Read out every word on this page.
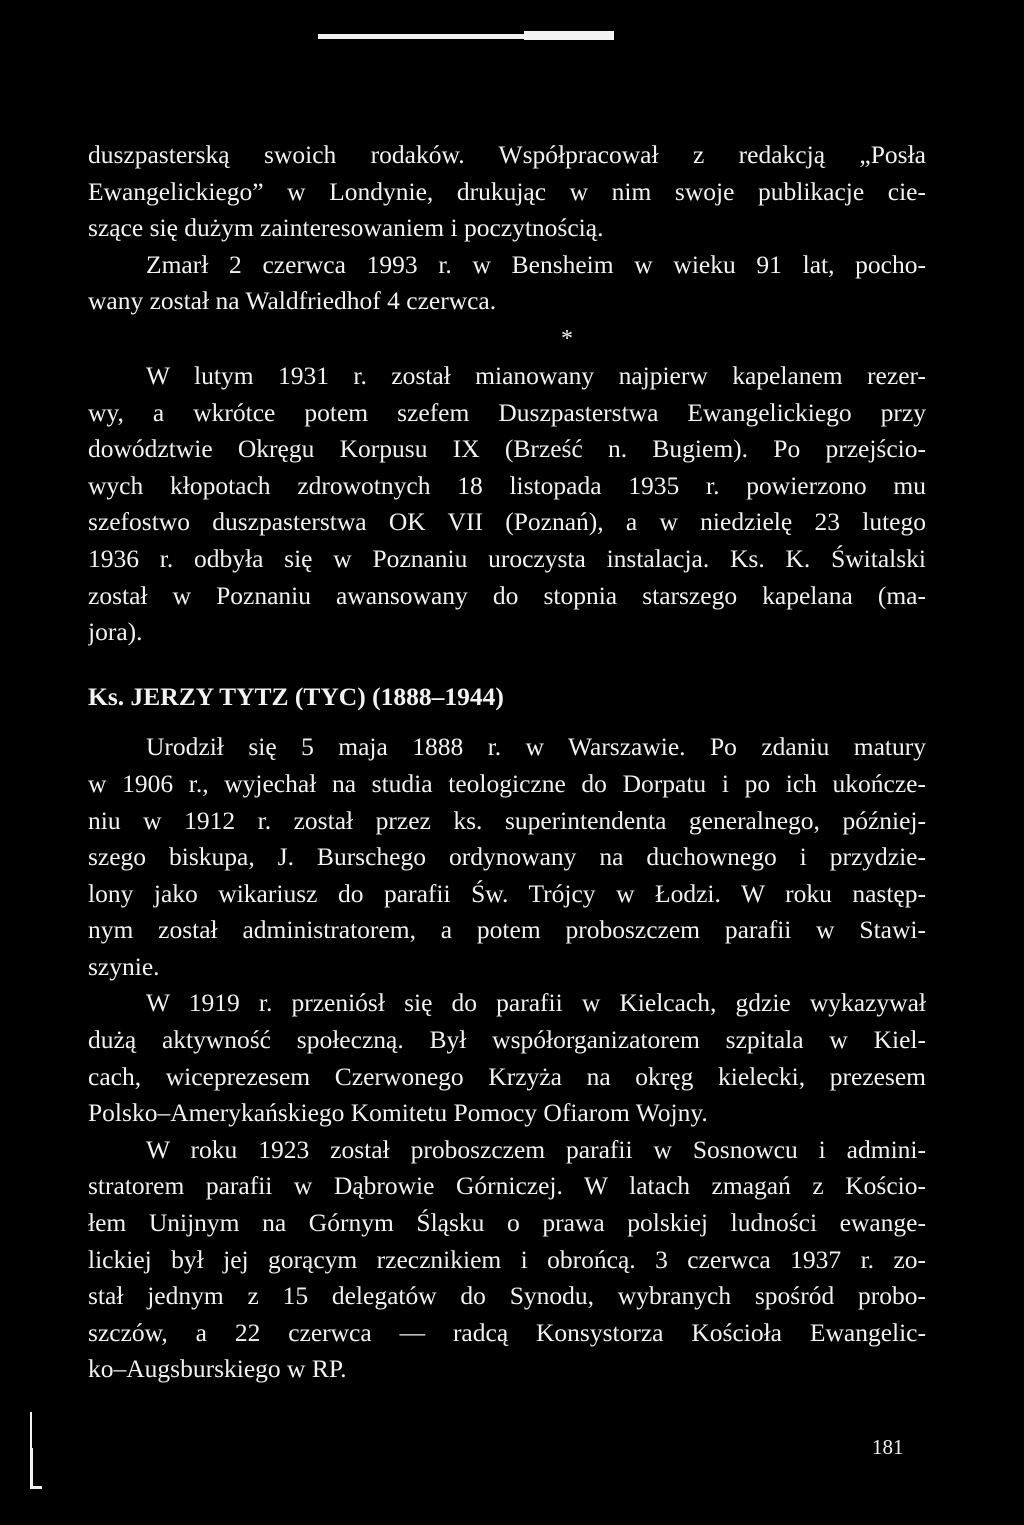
duszpasterską swoich rodaków. Współpracował z redakcją „Posła
Ewangelickiego” w Londynie, drukując w nim swoje publikacje cie-
szące się dużym zainteresowaniem i poczytnością.
Zmarł 2 czerwca 1993 r. w Bensheim w wieku 91 lat, pocho-
wany został na Waldfriedhof 4 czerwca.
*
W lutym 1931 r. został mianowany najpierw kapelanem rezer-
wy, a wkrótce potem szefem Duszpasterstwa Ewangelickiego przy
dowództwie Okręgu Korpusu IX (Brześć n. Bugiem). Po przejścio-
wych kłopotach zdrowotnych 18 listopada 1935 r. powierzono mu
szefostwo duszpasterstwa OK VII (Poznań), a w niedzielę 23 lutego
1936 r. odbyła się w Poznaniu uroczysta instalacja. Ks. K. Świtalski
został w Poznaniu awansowany do stopnia starszego kapelana (ma-
jora).
Ks. JERZY TYTZ (TYC) (1888–1944)
Urodził się 5 maja 1888 r. w Warszawie. Po zdaniu matury
w 1906 r., wyjechał na studia teologiczne do Dorpatu i po ich ukończe-
niu w 1912 r. został przez ks. superintendenta generalnego, później-
szego biskupa, J. Burschego ordynowany na duchownego i przydzie-
lony jako wikariusz do parafii Św. Trójcy w Łodzi. W roku następ-
nym został administratorem, a potem proboszczem parafii w Stawi-
szynie.
W 1919 r. przeniósł się do parafii w Kielcach, gdzie wykazywał
dużą aktywność społeczną. Był współorganizatorem szpitala w Kiel-
cach, wiceprezesem Czerwonego Krzyża na okręg kielecki, prezesem
Polsko–Amerykańskiego Komitetu Pomocy Ofiarom Wojny.
W roku 1923 został proboszczem parafii w Sosnowcu i admini-
stratorem parafii w Dąbrowie Górniczej. W latach zmagań z Kościo-
łem Unijnym na Górnym Śląsku o prawa polskiej ludności ewange-
lickiej był jej gorącym rzecznikiem i obrońcą. 3 czerwca 1937 r. zo-
stał jednym z 15 delegatów do Synodu, wybranych spośród probo-
szczów, a 22 czerwca — radcą Konsystorza Kościoła Ewangelic-
ko–Augsburskiego w RP.
181
